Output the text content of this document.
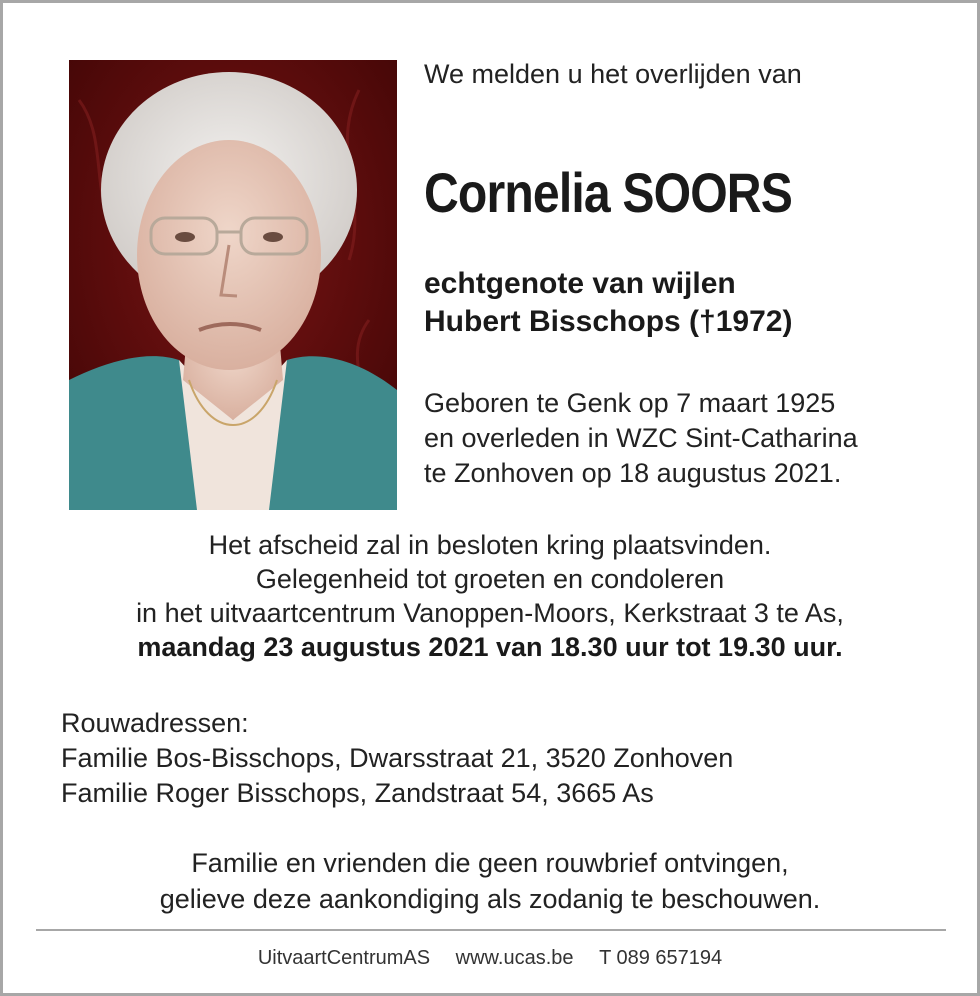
We melden u het overlijden van
Cornelia SOORS
echtgenote van wijlen
Hubert Bisschops (†1972)
Geboren te Genk op 7 maart 1925
en overleden in WZC Sint-Catharina
te Zonhoven op 18 augustus 2021.
Het afscheid zal in besloten kring plaatsvinden.
Gelegenheid tot groeten en condoleren
in het uitvaartcentrum Vanoppen-Moors, Kerkstraat 3 te As,
maandag 23 augustus 2021 van 18.30 uur tot 19.30 uur.
Rouwadressen:
Familie Bos-Bisschops, Dwarsstraat 21, 3520 Zonhoven
Familie Roger Bisschops, Zandstraat 54, 3665 As
Familie en vrienden die geen rouwbrief ontvingen,
gelieve deze aankondiging als zodanig te beschouwen.
UitvaartCentrumAS www.ucas.be T 089 657194
